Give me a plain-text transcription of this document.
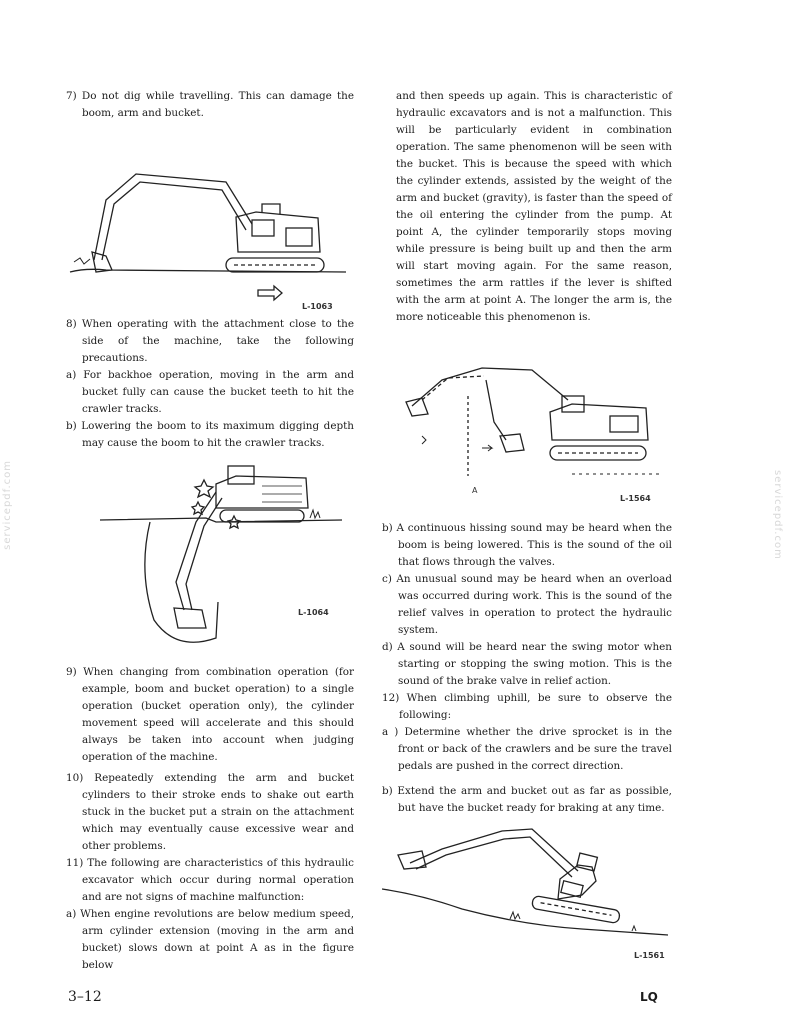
7) Do not dig while travelling. This can damage the boom, arm and bucket.

L-1063

8) When operating with the attachment close to the side of the machine, take the following precautions.

a) For backhoe operation, moving in the arm and bucket fully can cause the bucket teeth to hit the crawler tracks.

b) Lowering the boom to its maximum digging depth may cause the boom to hit the crawler tracks.

L-1064

9) When changing from combination operation (for example, boom and bucket operation) to a single operation (bucket operation only), the cylinder movement speed will accelerate and this should always be taken into account when judging operation of the machine.

10) Repeatedly extending the arm and bucket cylinders to their stroke ends to shake out earth stuck in the bucket put a strain on the attachment which may eventually cause excessive wear and other problems.

11) The following are characteristics of this hydraulic excavator which occur during normal operation and are not signs of machine malfunction:

a) When engine revolutions are below medium speed, arm cylinder extension (moving in the arm and bucket) slows down at point A as in the figure below

and then speeds up again. This is characteristic of hydraulic excavators and is not a malfunction. This will be particularly evident in combination operation. The same phenomenon will be seen with the bucket. This is because the speed with which the cylinder extends, assisted by the weight of the arm and bucket (gravity), is faster than the speed of the oil entering the cylinder from the pump. At point A, the cylinder temporarily stops moving while pressure is being built up and then the arm will start moving again. For the same reason, sometimes the arm rattles if the lever is shifted with the arm at point A. The longer the arm is, the more noticeable this phenomenon is.

A
L-1564

b) A continuous hissing sound may be heard when the boom is being lowered. This is the sound of the oil that flows through the valves.

c) An unusual sound may be heard when an overload was occurred during work. This is the sound of the relief valves in operation to protect the hydraulic system.

d) A sound will be heard near the swing motor when starting or stopping the swing motion. This is the sound of the brake valve in relief action.

12) When climbing uphill, be sure to observe the following:

a ) Determine whether the drive sprocket is in the front or back of the crawlers and be sure the travel pedals are pushed in the correct direction.

b) Extend the arm and bucket out as far as possible, but have the bucket ready for braking at any time.

L-1561
3–12	LQ
servicepdf.com	servicepdf.com
